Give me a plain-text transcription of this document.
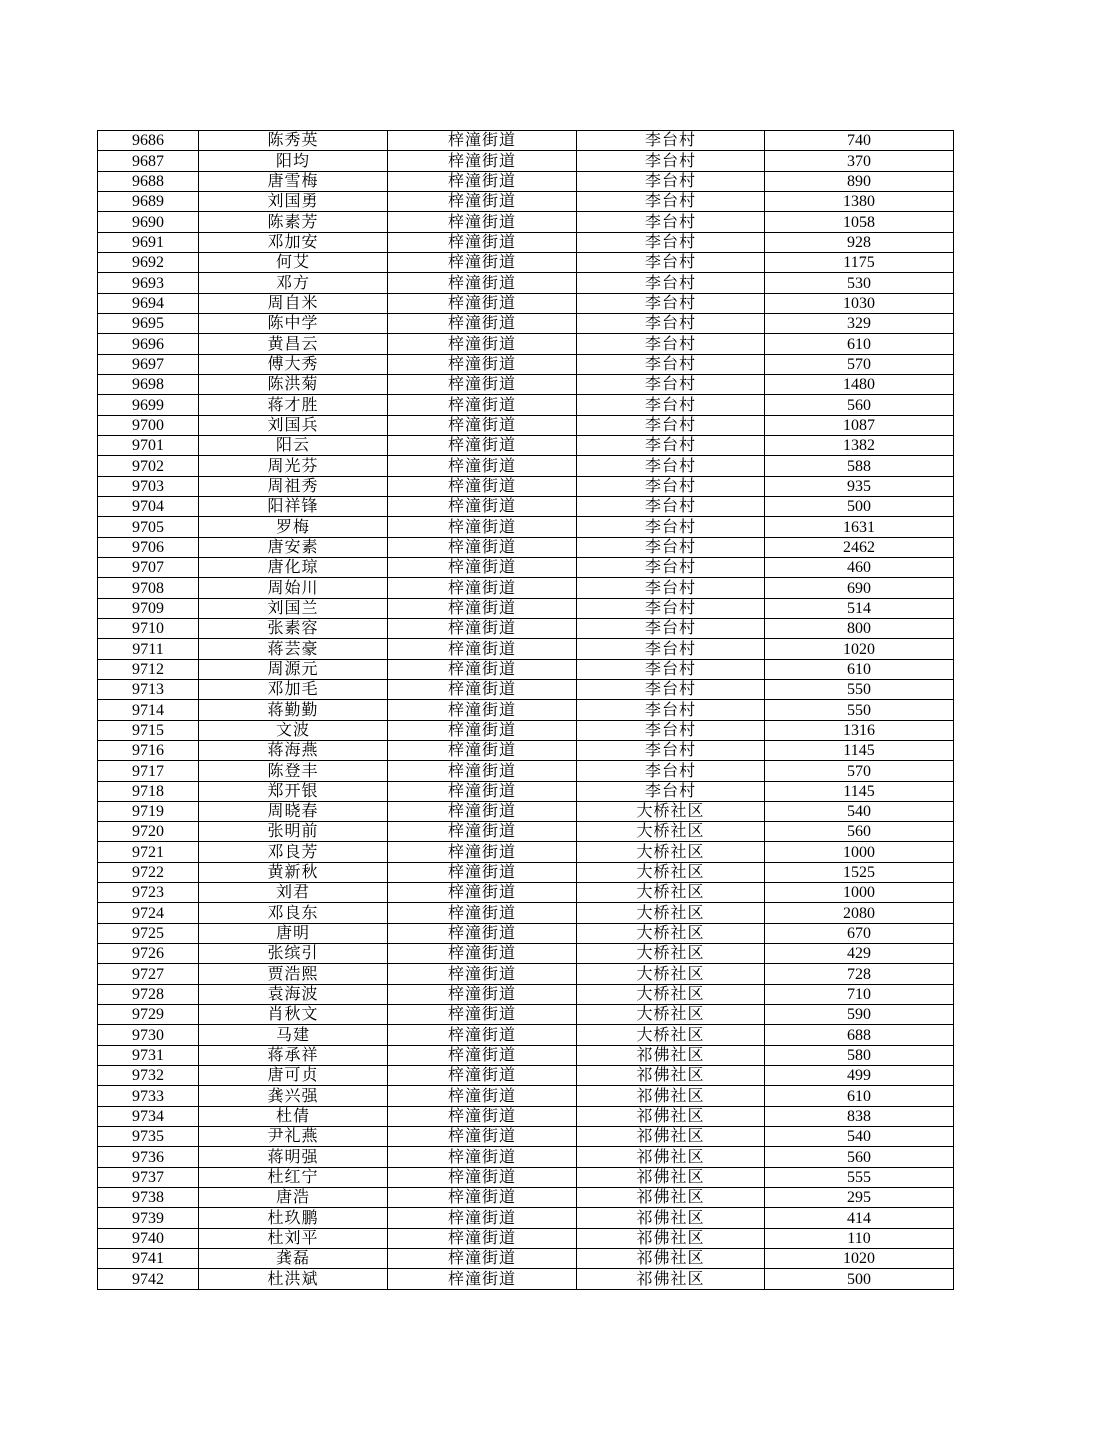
9686	陈秀英	梓潼街道	李台村	740
9687	阳均	梓潼街道	李台村	370
9688	唐雪梅	梓潼街道	李台村	890
9689	刘国勇	梓潼街道	李台村	1380
9690	陈素芳	梓潼街道	李台村	1058
9691	邓加安	梓潼街道	李台村	928
9692	何艾	梓潼街道	李台村	1175
9693	邓方	梓潼街道	李台村	530
9694	周自米	梓潼街道	李台村	1030
9695	陈中学	梓潼街道	李台村	329
9696	黄昌云	梓潼街道	李台村	610
9697	傅大秀	梓潼街道	李台村	570
9698	陈洪菊	梓潼街道	李台村	1480
9699	蒋才胜	梓潼街道	李台村	560
9700	刘国兵	梓潼街道	李台村	1087
9701	阳云	梓潼街道	李台村	1382
9702	周光芬	梓潼街道	李台村	588
9703	周祖秀	梓潼街道	李台村	935
9704	阳祥锋	梓潼街道	李台村	500
9705	罗梅	梓潼街道	李台村	1631
9706	唐安素	梓潼街道	李台村	2462
9707	唐化琼	梓潼街道	李台村	460
9708	周始川	梓潼街道	李台村	690
9709	刘国兰	梓潼街道	李台村	514
9710	张素容	梓潼街道	李台村	800
9711	蒋芸豪	梓潼街道	李台村	1020
9712	周源元	梓潼街道	李台村	610
9713	邓加毛	梓潼街道	李台村	550
9714	蒋勤勤	梓潼街道	李台村	550
9715	文波	梓潼街道	李台村	1316
9716	蒋海燕	梓潼街道	李台村	1145
9717	陈登丰	梓潼街道	李台村	570
9718	郑开银	梓潼街道	李台村	1145
9719	周晓春	梓潼街道	大桥社区	540
9720	张明前	梓潼街道	大桥社区	560
9721	邓良芳	梓潼街道	大桥社区	1000
9722	黄新秋	梓潼街道	大桥社区	1525
9723	刘君	梓潼街道	大桥社区	1000
9724	邓良东	梓潼街道	大桥社区	2080
9725	唐明	梓潼街道	大桥社区	670
9726	张缤引	梓潼街道	大桥社区	429
9727	贾浩熙	梓潼街道	大桥社区	728
9728	袁海波	梓潼街道	大桥社区	710
9729	肖秋文	梓潼街道	大桥社区	590
9730	马建	梓潼街道	大桥社区	688
9731	蒋承祥	梓潼街道	祁佛社区	580
9732	唐可贞	梓潼街道	祁佛社区	499
9733	龚兴强	梓潼街道	祁佛社区	610
9734	杜倩	梓潼街道	祁佛社区	838
9735	尹礼燕	梓潼街道	祁佛社区	540
9736	蒋明强	梓潼街道	祁佛社区	560
9737	杜红宁	梓潼街道	祁佛社区	555
9738	唐浩	梓潼街道	祁佛社区	295
9739	杜玖鹏	梓潼街道	祁佛社区	414
9740	杜刘平	梓潼街道	祁佛社区	110
9741	龚磊	梓潼街道	祁佛社区	1020
9742	杜洪斌	梓潼街道	祁佛社区	500
